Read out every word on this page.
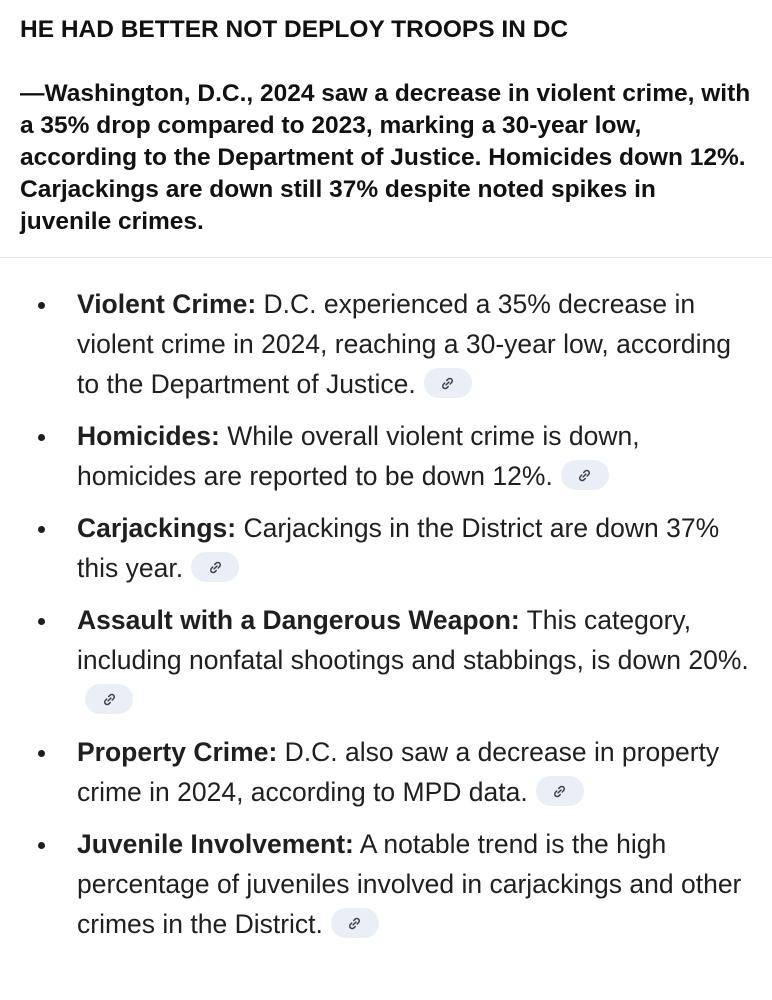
HE HAD BETTER NOT DEPLOY TROOPS IN DC

—Washington, D.C., 2024 saw a decrease in violent crime, with a 35% drop compared to 2023, marking a 30-year low, according to the Department of Justice. Homicides down 12%. Carjackings are down still 37% despite noted spikes in juvenile crimes.

Violent Crime: D.C. experienced a 35% decrease in violent crime in 2024, reaching a 30-year low, according to the Department of Justice.
Homicides: While overall violent crime is down, homicides are reported to be down 12%.
Carjackings: Carjackings in the District are down 37% this year.
Assault with a Dangerous Weapon: This category, including nonfatal shootings and stabbings, is down 20%.
Property Crime: D.C. also saw a decrease in property crime in 2024, according to MPD data.
Juvenile Involvement: A notable trend is the high percentage of juveniles involved in carjackings and other crimes in the District.
